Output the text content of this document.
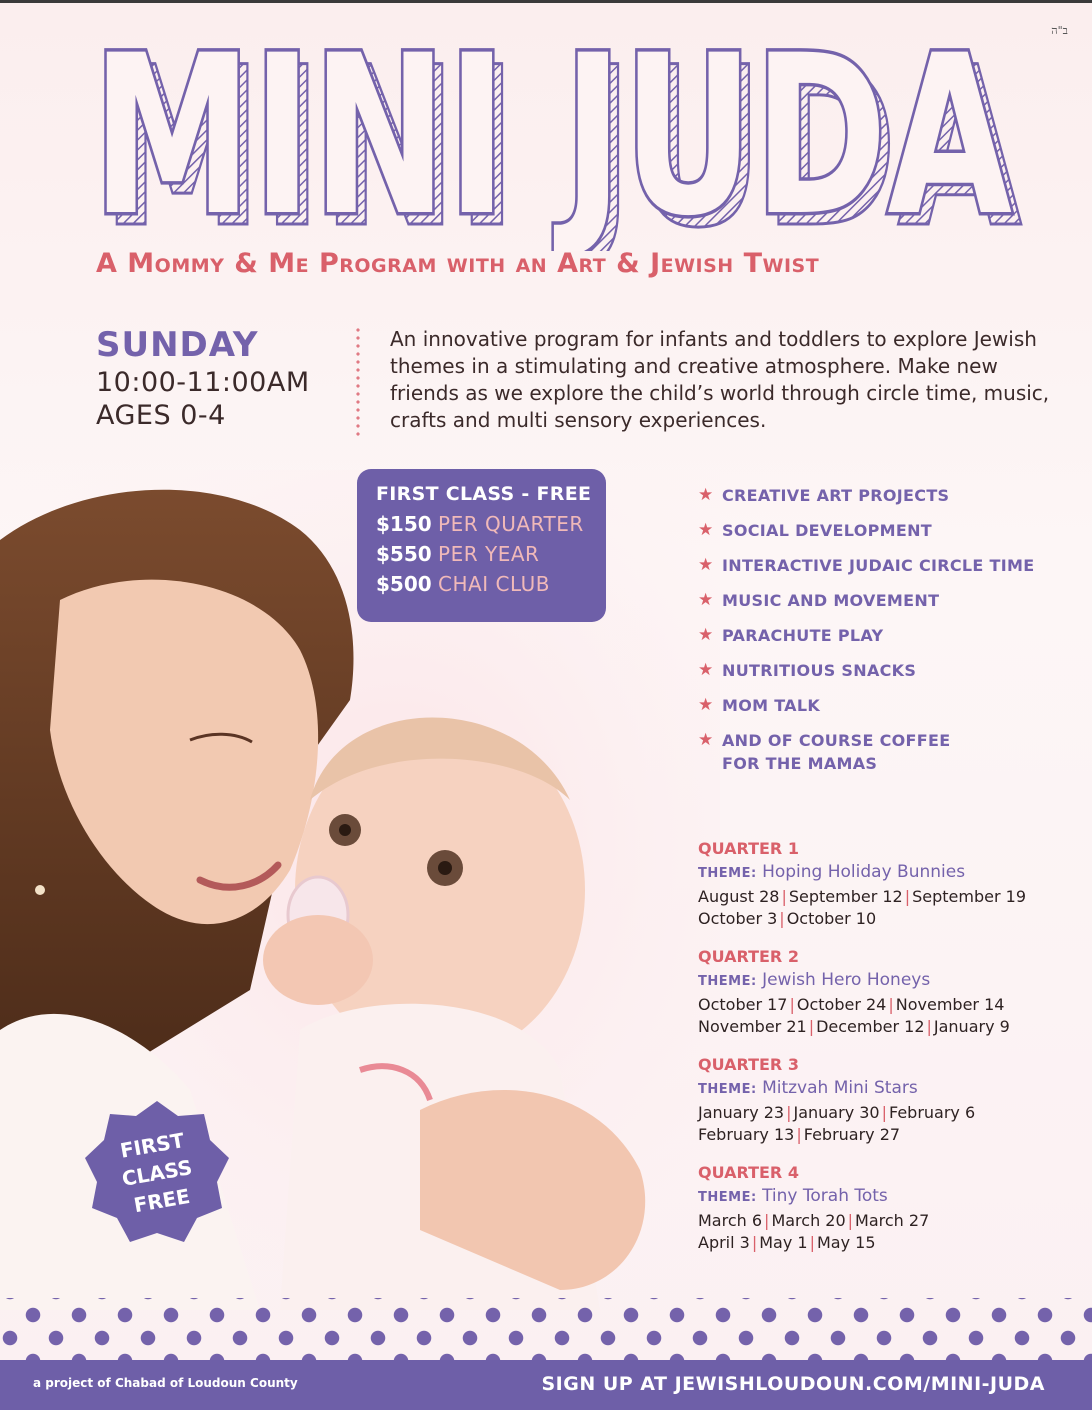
ב"ה
MINI JUDA
MINI JUDA
A Mommy & Me Program with an Art & Jewish Twist
SUNDAY
10:00-11:00AM
AGES 0-4
An innovative program for infants and toddlers to explore Jewish themes in a stimulating and creative atmosphere. Make new friends as we explore the child’s world through circle time, music, crafts and multi sensory experiences.
FIRST CLASS - FREE
$150 PER QUARTER
$550 PER YEAR
$500 CHAI CLUB
FIRST
CLASS
FREE
★ CREATIVE ART PROJECTS
★ SOCIAL DEVELOPMENT
★ INTERACTIVE JUDAIC CIRCLE TIME
★ MUSIC AND MOVEMENT
★ PARACHUTE PLAY
★ NUTRITIOUS SNACKS
★ MOM TALK
★ AND OF COURSE COFFEE
FOR THE MAMAS
QUARTER 1
THEME: Hoping Holiday Bunnies
August 28 | September 12 | September 19
October 3 | October 10
QUARTER 2
THEME: Jewish Hero Honeys
October 17 | October 24 | November 14
November 21 | December 12 | January 9
QUARTER 3
THEME: Mitzvah Mini Stars
January 23 | January 30 | February 6
February 13 | February 27
QUARTER 4
THEME: Tiny Torah Tots
March 6 | March 20 | March 27
April 3 | May 1 | May 15
a project of Chabad of Loudoun County	SIGN UP AT JEWISHLOUDOUN.COM/MINI-JUDA
